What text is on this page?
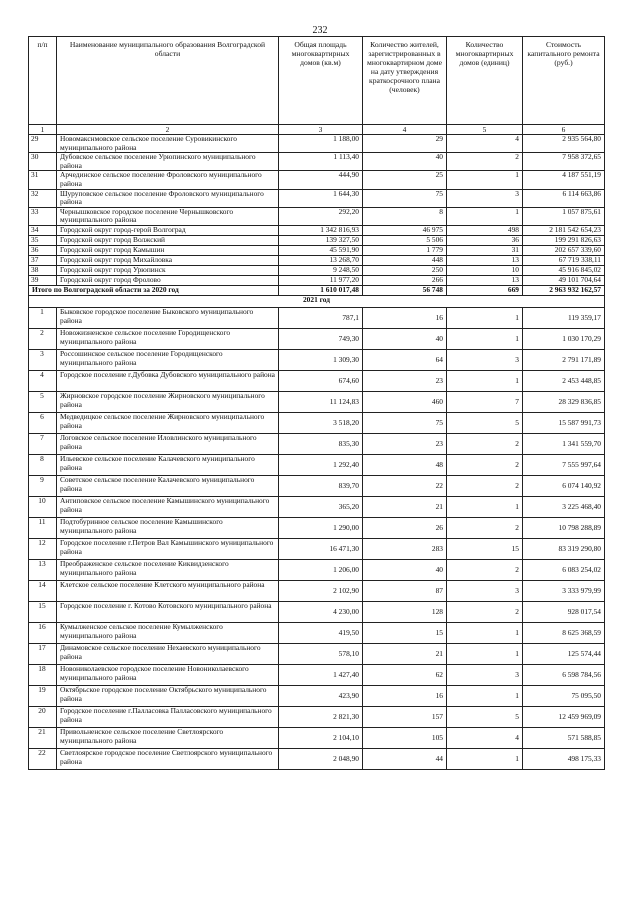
232
п/п	Наименование муниципального образования Волгоградской области	Общая площадь многоквартирных домов (кв.м)	Количество жителей, зарегистрированных в многоквартирном доме на дату утверждения краткосрочного плана (человек)	Количество многоквартирных домов (единиц)	Стоимость капитального ремонта (руб.)
1	2	3	4	5	6
29	Новомакснмовское сельское поселение Суровикинского муниципального района	1 188,00	29	4	2 935 564,80
30	Дубовское сельское поселение Урюпинского муниципального района	1 113,40	40	2	7 958 372,65
31	Арчединское сельское поселение Фроловского муниципального района	444,90	25	1	4 187 551,19
32	Шуруповское сельское поселение Фроловского муниципального района	1 644,30	75	3	6 114 663,86
33	Чернышковское городское поселение Чернышковского муниципального района	292,20	8	1	1 057 875,61
34	Городской округ город-герой Волгоград	1 342 816,93	46 975	498	2 181 542 654,23
35	Городской округ город Волжский	139 327,50	5 506	36	199 291 826,63
36	Городской округ город Камышин	45 591,90	1 779	31	202 657 339,60
37	Городской округ город Михайловка	13 268,70	448	13	67 719 338,11
38	Городской округ город Урюпинск	9 248,50	250	10	45 916 845,02
39	Городской округ город Фролово	11 977,20	266	13	49 101 704,64
Итого по Волгоградской области за 2020 год		1 610 017,48	56 748	669	2 963 932 162,57
2021 год					
1	Быковское городское поселение Быковского муниципального района	787,1	16	1	119 359,17
2	Новожизненское сельское поселение Городищенского муниципального района	749,30	40	1	1 030 170,29
3	Россошинское сельское поселение Городищенского муниципального района	1 309,30	64	3	2 791 171,89
4	Городское поселение г.Дубовка Дубовского муниципального района	674,60	23	1	2 453 448,85
5	Жирновское городское поселение Жирновского муниципального района	11 124,83	460	7	28 329 836,85
6	Медведицкое сельское поселение Жирновского муниципального района	3 518,20	75	5	15 587 991,73
7	Логовское сельское поселение Иловлинского муниципального района	835,30	23	2	1 341 559,70
8	Ильевское сельское поселение Калачевского муниципального района	1 292,40	48	2	7 555 997,64
9	Советское сельское поселение Калачевского муниципального района	839,70	22	2	6 074 140,92
10	Антиповское сельское поселение Камышинского муниципального района	365,20	21	1	3 225 468,40
11	Подтобуринное сельское поселение Камышинского муниципального района	1 290,00	26	2	10 798 288,89
12	Городское поселение г.Петров Вал Камышинского муниципального района	16 471,30	283	15	83 319 290,80
13	Преображенское сельское поселение Киквидзенского муниципального района	1 206,00	40	2	6 083 254,02
14	Клетское сельское поселение Клетского муниципального района	2 102,90	87	3	3 333 979,99
15	Городское поселение г. Котово Котовского муниципального района	4 230,00	128	2	928 017,54
16	Кумылженское сельское поселение Кумылженского муниципального района	419,50	15	1	8 625 368,59
17	Динамовское сельское поселение Нехаевского муниципального района	578,10	21	1	125 574,44
18	Новониколаевское городское поселение Новониколаевского муниципального района	1 427,40	62	3	6 598 784,56
19	Октябрьское городское поселение Октябрьского муниципального района	423,90	16	1	75 095,50
20	Городское поселение г.Палласовка Палласовского муниципального района	2 821,30	157	5	12 459 969,09
21	Привольненское сельское поселение Светлоярского муниципального района	2 104,10	105	4	571 588,85
22	Светлоярское городское поселение Светлоярского муниципального района	2 048,90	44	1	498 175,33
